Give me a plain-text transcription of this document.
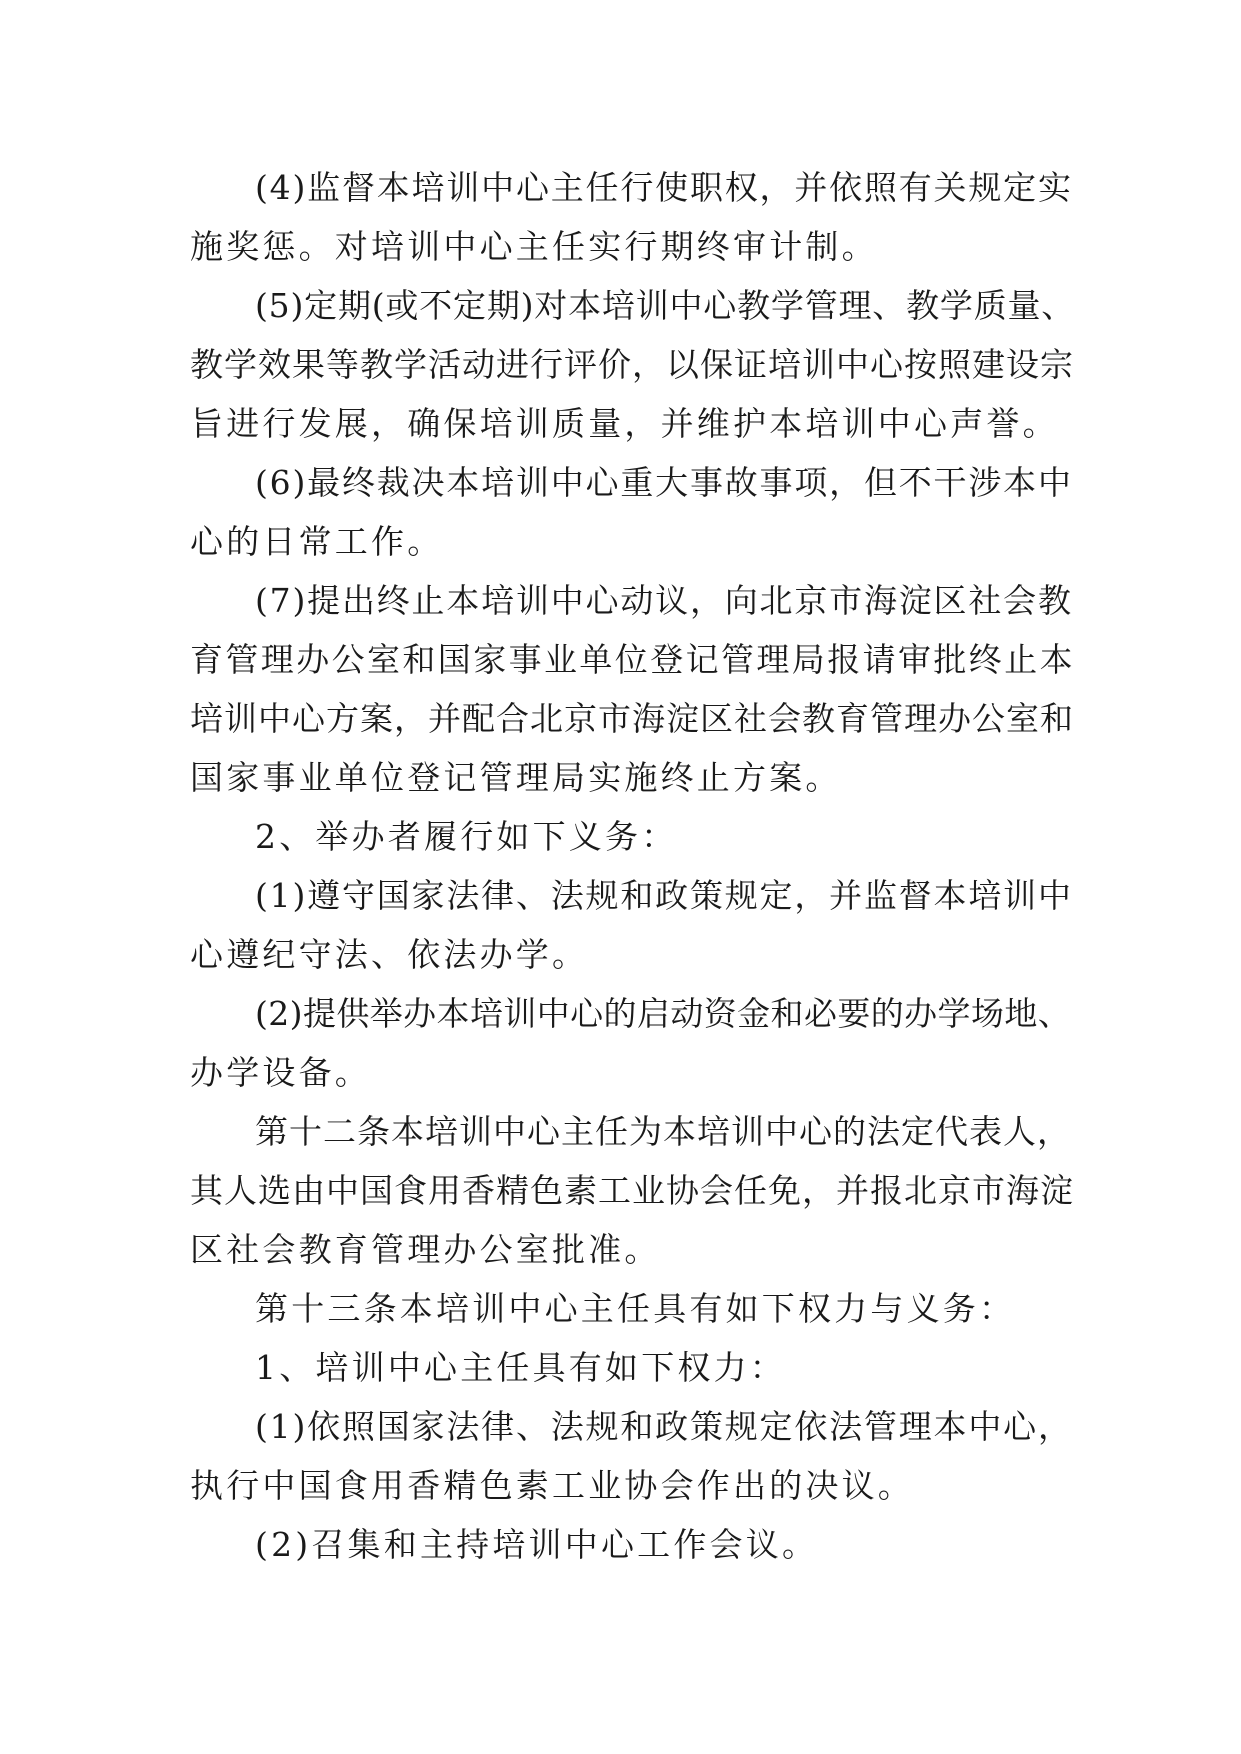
(4)监督本培训中心主任行使职权，并依照有关规定实
施奖惩。对培训中心主任实行期终审计制。
(5)定期(或不定期)对本培训中心教学管理、教学质量、
教学效果等教学活动进行评价，以保证培训中心按照建设宗
旨进行发展，确保培训质量，并维护本培训中心声誉。
(6)最终裁决本培训中心重大事故事项，但不干涉本中
心的日常工作。
(7)提出终止本培训中心动议，向北京市海淀区社会教
育管理办公室和国家事业单位登记管理局报请审批终止本
培训中心方案，并配合北京市海淀区社会教育管理办公室和
国家事业单位登记管理局实施终止方案。
2、举办者履行如下义务：
(1)遵守国家法律、法规和政策规定，并监督本培训中
心遵纪守法、依法办学。
(2)提供举办本培训中心的启动资金和必要的办学场地、
办学设备。
第十二条本培训中心主任为本培训中心的法定代表人，
其人选由中国食用香精色素工业协会任免，并报北京市海淀
区社会教育管理办公室批准。
第十三条本培训中心主任具有如下权力与义务：
1、培训中心主任具有如下权力：
(1)依照国家法律、法规和政策规定依法管理本中心，
执行中国食用香精色素工业协会作出的决议。
(2)召集和主持培训中心工作会议。
